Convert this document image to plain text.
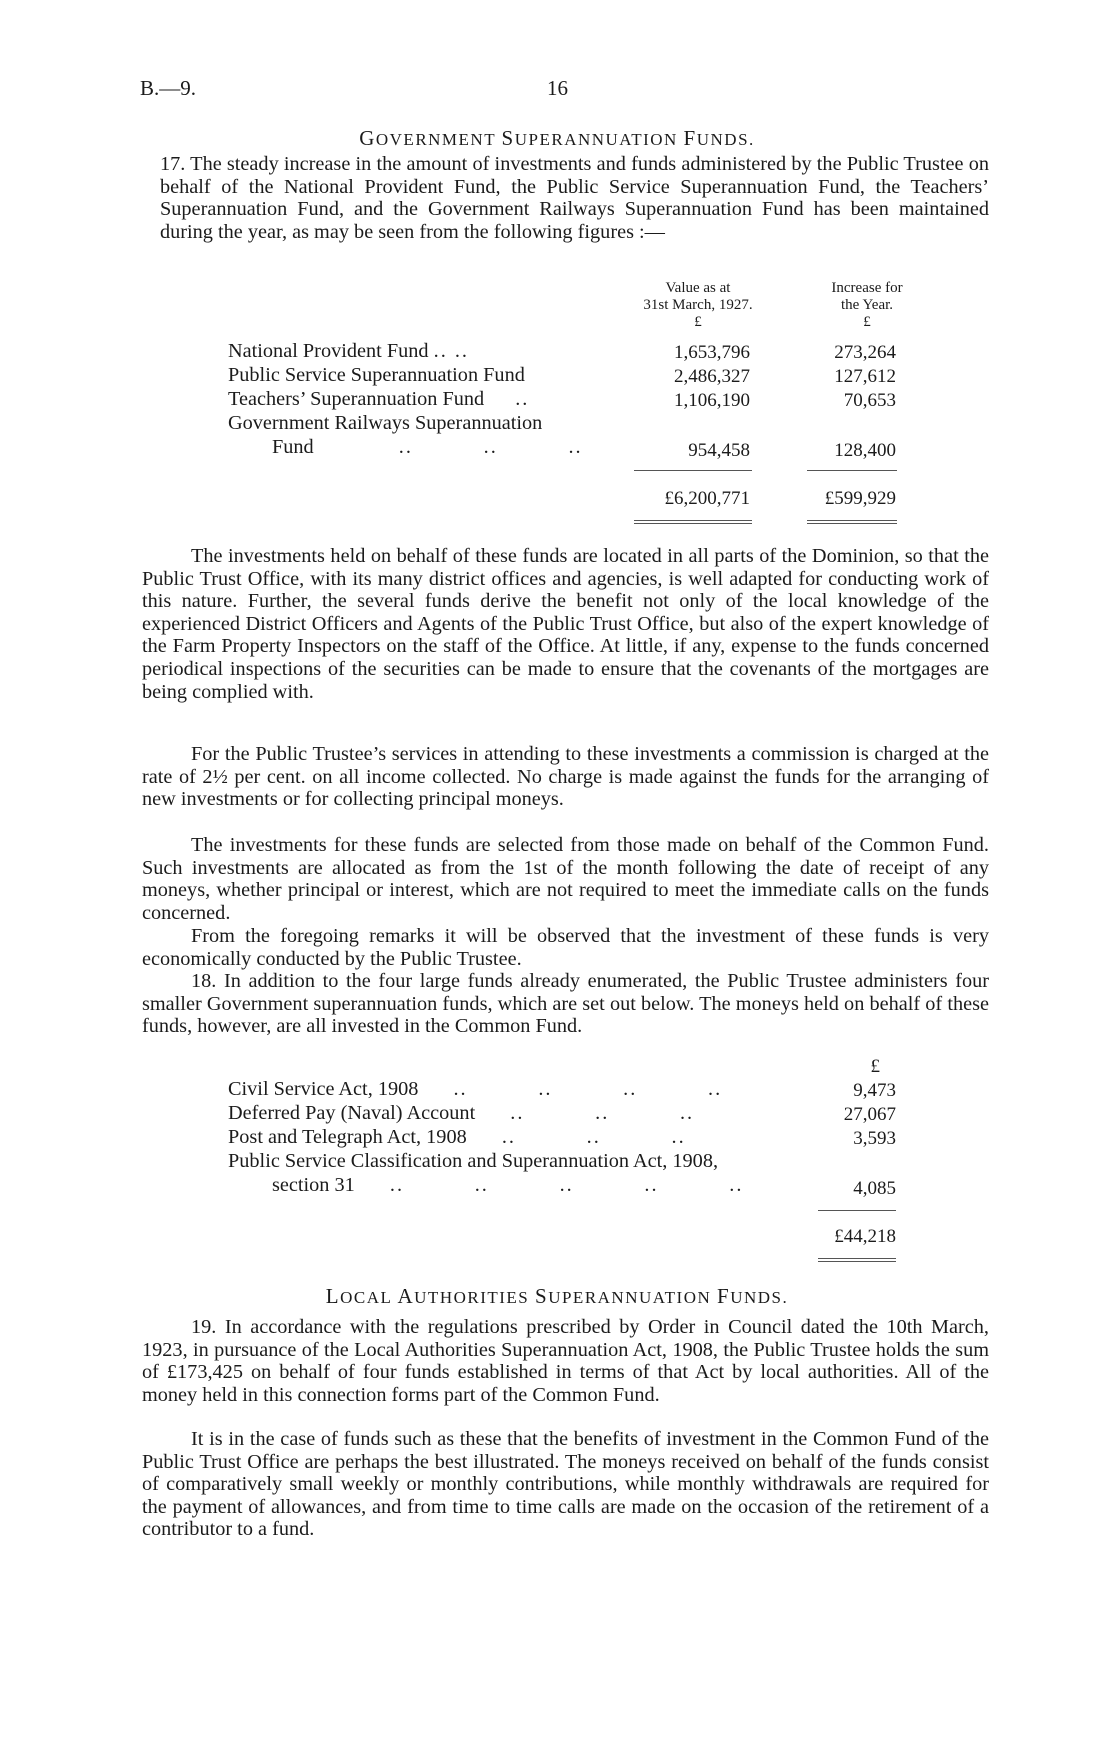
B.—9.	16
GOVERNMENT SUPERANNUATION FUNDS.

17. The steady increase in the amount of investments and funds administered by the Public Trustee on behalf of the National Provident Fund, the Public Service Superannuation Fund, the Teachers’ Superannuation Fund, and the Government Railways Superannuation Fund has been maintained during the year, as may be seen from the following figures :—

Value as at
31st March, 1927.
£
Increase for
the Year.
£
National Provident Fund .. ..	1,653,796	273,264
Public Service Superannuation Fund	2,486,327	127,612
Teachers’ Superannuation Fund ..	1,106,190	70,653
Government Railways Superannuation
Fund	..          ..          ..	954,458	128,400
£6,200,771	£599,929

The investments held on behalf of these funds are located in all parts of the Dominion, so that the Public Trust Office, with its many district offices and agencies, is well adapted for conducting work of this nature. Further, the several funds derive the benefit not only of the local knowledge of the experienced District Officers and Agents of the Public Trust Office, but also of the expert knowledge of the Farm Property Inspectors on the staff of the Office. At little, if any, expense to the funds concerned periodical inspections of the securities can be made to ensure that the covenants of the mortgages are being complied with.

For the Public Trustee’s services in attending to these investments a commission is charged at the rate of 2½ per cent. on all income collected. No charge is made against the funds for the arranging of new investments or for collecting principal moneys.

The investments for these funds are selected from those made on behalf of the Common Fund. Such investments are allocated as from the 1st of the month following the date of receipt of any moneys, whether principal or interest, which are not required to meet the immediate calls on the funds concerned.

From the foregoing remarks it will be observed that the investment of these funds is very economically conducted by the Public Trustee.

18. In addition to the four large funds already enumerated, the Public Trustee administers four smaller Government superannuation funds, which are set out below. The moneys held on behalf of these funds, however, are all invested in the Common Fund.

£
Civil Service Act, 1908 ..          ..          ..          ..	9,473
Deferred Pay (Naval) Account ..          ..          ..	27,067
Post and Telegraph Act, 1908 ..          ..          ..	3,593
Public Service Classification and Superannuation Act, 1908,
section 31 ..          ..          ..          ..          ..	4,085
£44,218
LOCAL AUTHORITIES SUPERANNUATION FUNDS.

19. In accordance with the regulations prescribed by Order in Council dated the 10th March, 1923, in pursuance of the Local Authorities Superannuation Act, 1908, the Public Trustee holds the sum of £173,425 on behalf of four funds established in terms of that Act by local authorities. All of the money held in this connection forms part of the Common Fund.

It is in the case of funds such as these that the benefits of investment in the Common Fund of the Public Trust Office are perhaps the best illustrated. The moneys received on behalf of the funds consist of comparatively small weekly or monthly contributions, while monthly withdrawals are required for the payment of allowances, and from time to time calls are made on the occasion of the retirement of a contributor to a fund.
